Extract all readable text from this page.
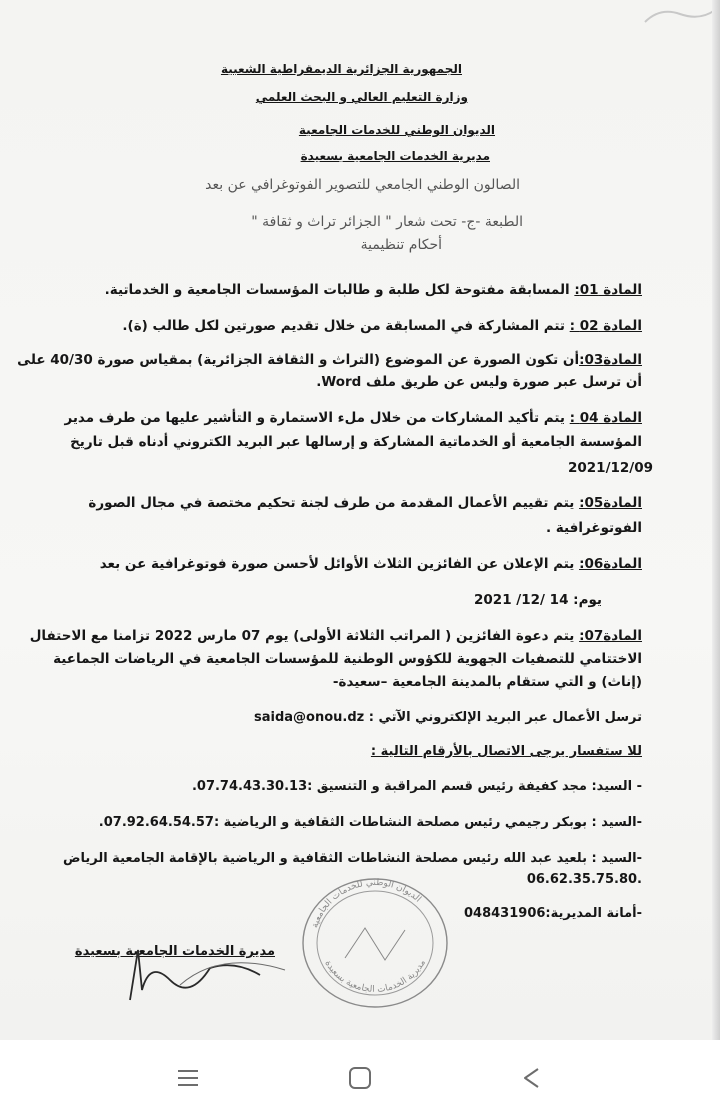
الجمهورية الجزائرية الديمقراطية الشعبية
وزارة التعليم العالي و البحث العلمي
الديوان الوطني للخدمات الجامعية
مديرية الخدمات الجامعية بسعيدة
الصالون الوطني الجامعي للتصوير الفوتوغرافي عن بعد
الطبعة -ج- تحت شعار " الجزائر تراث و ثقافة "
أحكام تنظيمية
المادة 01: المسابقة مفتوحة لكل طلبة و طالبات المؤسسات الجامعية و الخدماتية.
المادة 02 : تتم المشاركة في المسابقة من خلال تقديم صورتين لكل طالب (ة).
المادة03:أن تكون الصورة عن الموضوع (التراث و الثقافة الجزائرية) بمقياس صورة 40/30 على
أن ترسل عبر صورة وليس عن طريق ملف Word.
المادة 04 : يتم تأكيد المشاركات من خلال ملء الاستمارة و التأشير عليها من طرف مدير
المؤسسة الجامعية أو الخدماتية المشاركة و إرسالها عبر البريد الكتروني أدناه قبل تاريخ
2021/12/09
المادة05: يتم تقييم الأعمال المقدمة من طرف لجنة تحكيم مختصة في مجال الصورة
الفوتوغرافية .
المادة06: يتم الإعلان عن الفائزين الثلاث الأوائل لأحسن صورة فوتوغرافية عن بعد
يوم: 14 /12/ 2021
المادة07: يتم دعوة الفائزين ( المراتب الثلاثة الأولى) يوم 07 مارس 2022 تزامنا مع الاحتفال
الاختتامي للتصفيات الجهوية للكؤوس الوطنية للمؤسسات الجامعية في الرياضات الجماعية
(إناث) و التي ستقام بالمدينة الجامعية –سعيدة-
ترسل الأعمال عبر البريد الإلكتروني الآتي : saida@onou.dz
للا ستفسار يرجى الاتصال بالأرقام التالية :
- السيد: مجد كفيفة رئيس قسم المراقبة و التنسيق :07.74.43.30.13.
-السيد : بوبكر رجيمي رئيس مصلحة النشاطات الثقافية و الرياضية :07.92.64.54.57.
-السيد : بلعيد عبد الله رئيس مصلحة النشاطات الثقافية و الرياضية بالإقامة الجامعية الرياض
.06.62.35.75.80
-أمانة المديرية:048431906
مديرة الخدمات الجامعية بسعيدة
الديوان الوطني للخدمات الجامعية
مديرية الخدمات الجامعية بسعيدة
